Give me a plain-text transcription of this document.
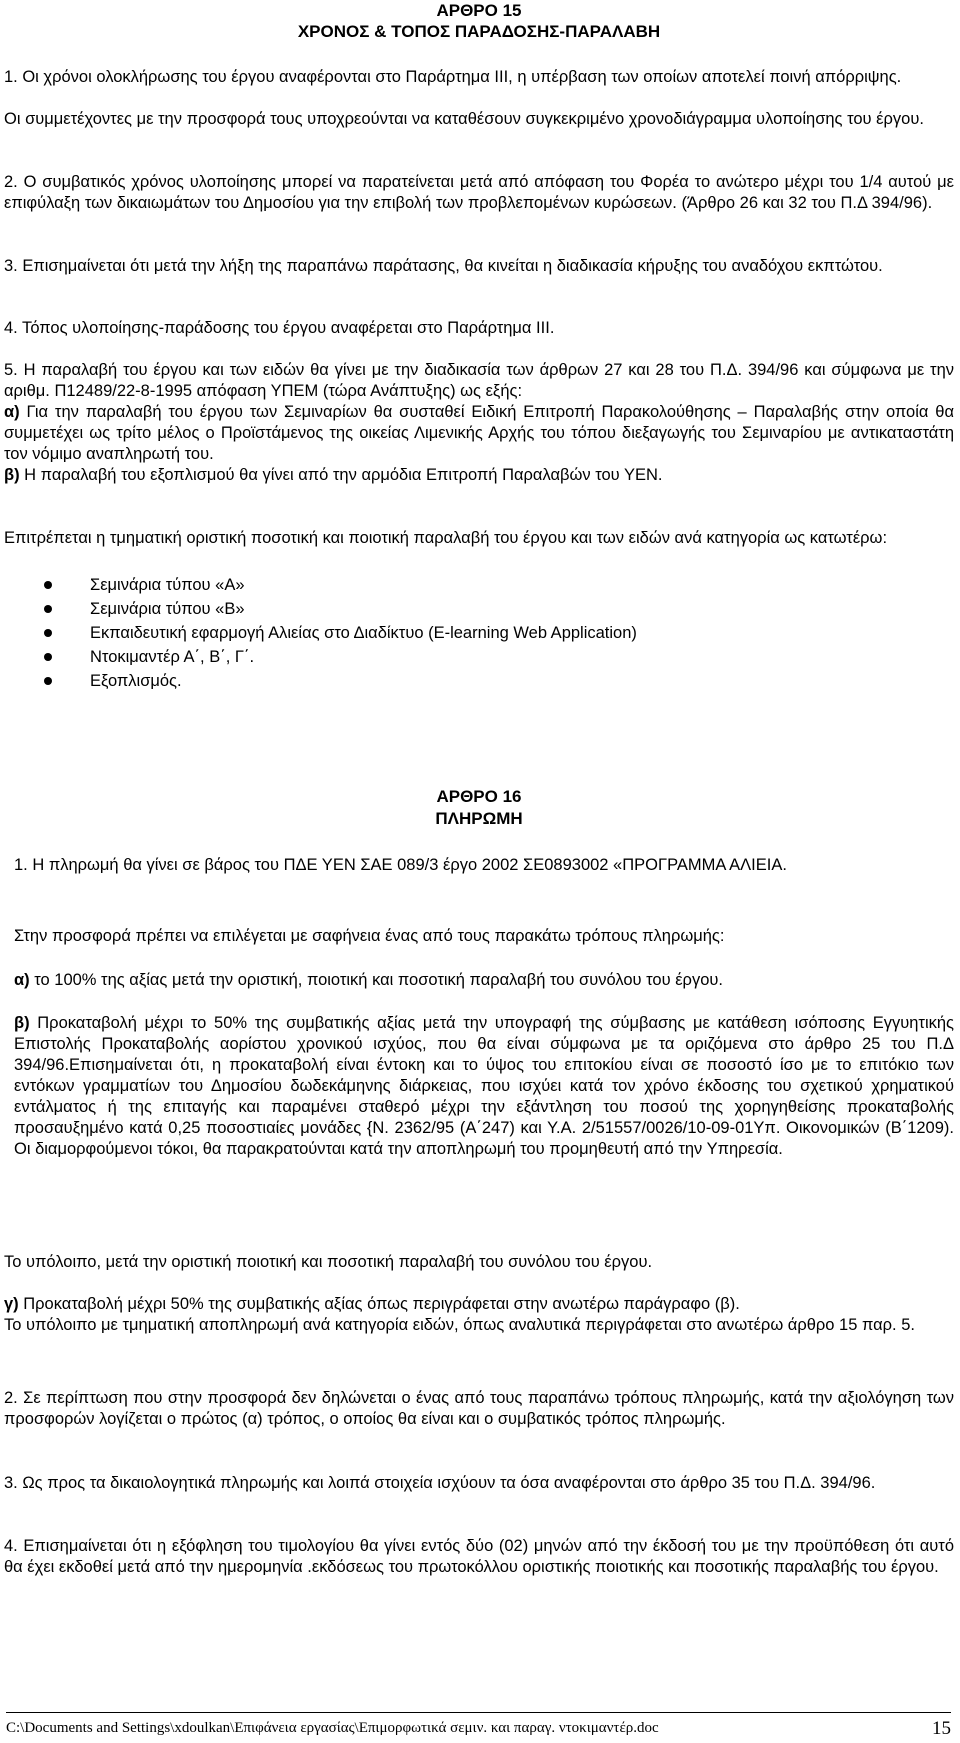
ΑΡΘΡΟ 15
ΧΡΟΝΟΣ & ΤΟΠΟΣ ΠΑΡΑΔΟΣΗΣ-ΠΑΡΑΛΑΒΗ

1. Οι χρόνοι ολοκλήρωσης του έργου αναφέρονται στο Παράρτημα ΙΙΙ, η υπέρβαση των οποίων αποτελεί ποινή απόρριψης.

Οι συμμετέχοντες με την προσφορά τους υποχρεούνται να καταθέσουν συγκεκριμένο χρονοδιάγραμμα υλοποίησης του έργου.

2. Ο συμβατικός χρόνος υλοποίησης μπορεί να παρατείνεται μετά από απόφαση του Φορέα το ανώτερο μέχρι του 1/4 αυτού με επιφύλαξη των δικαιωμάτων του Δημοσίου για την επιβολή των προβλεπομένων κυρώσεων. (Άρθρο 26 και 32 του Π.Δ 394/96).

3. Επισημαίνεται ότι μετά την λήξη της παραπάνω παράτασης, θα κινείται η διαδικασία κήρυξης του αναδόχου εκπτώτου.

4. Τόπος υλοποίησης-παράδοσης του έργου αναφέρεται στο Παράρτημα ΙΙΙ.

5. Η παραλαβή του έργου και των ειδών θα γίνει με την διαδικασία των άρθρων 27 και 28 του Π.Δ. 394/96 και σύμφωνα με την αριθμ. Π12489/22-8-1995 απόφαση ΥΠΕΜ (τώρα Ανάπτυξης) ως εξής:

α) Για την παραλαβή του έργου των Σεμιναρίων θα συσταθεί Ειδική Επιτροπή Παρακολούθησης – Παραλαβής στην οποία θα συμμετέχει ως τρίτο μέλος ο Προϊστάμενος της οικείας Λιμενικής Αρχής του τόπου διεξαγωγής του Σεμιναρίου με αντικαταστάτη τον νόμιμο αναπληρωτή του.

β) Η παραλαβή του εξοπλισμού θα γίνει από την αρμόδια Επιτροπή Παραλαβών του ΥΕΝ.

Επιτρέπεται η τμηματική οριστική ποσοτική και ποιοτική παραλαβή του έργου και των ειδών ανά κατηγορία ως κατωτέρω:

Σεμινάρια τύπου «Α»
Σεμινάρια τύπου «Β»
Εκπαιδευτική εφαρμογή Αλιείας στο Διαδίκτυο (E-learning Web Application)
Ντοκιμαντέρ Α΄, Β΄, Γ΄.
Εξοπλισμός.
ΑΡΘΡΟ 16
ΠΛΗΡΩΜΗ

1. Η πληρωμή θα γίνει σε βάρος του ΠΔΕ ΥΕΝ ΣΑΕ 089/3 έργο 2002 ΣΕ0893002 «ΠΡΟΓΡΑΜΜΑ ΑΛΙΕΙΑ.

Στην προσφορά πρέπει να επιλέγεται με σαφήνεια ένας από τους παρακάτω τρόπους πληρωμής:

α) το 100% της αξίας μετά την οριστική, ποιοτική και ποσοτική παραλαβή του συνόλου του έργου.

β) Προκαταβολή μέχρι το 50% της συμβατικής αξίας μετά την υπογραφή της σύμβασης με κατάθεση ισόποσης Εγγυητικής Επιστολής Προκαταβολής αορίστου χρονικού ισχύος, που θα είναι σύμφωνα με τα οριζόμενα στο άρθρο 25 του Π.Δ 394/96.Επισημαίνεται ότι, η προκαταβολή είναι έντοκη και το ύψος του επιτοκίου είναι σε ποσοστό ίσο με το επιτόκιο των εντόκων γραμματίων του Δημοσίου δωδεκάμηνης διάρκειας, που ισχύει κατά τον χρόνο έκδοσης του σχετικού χρηματικού εντάλματος ή της επιταγής και παραμένει σταθερό μέχρι την εξάντληση του ποσού της χορηγηθείσης προκαταβολής προσαυξημένο κατά 0,25 ποσοστιαίες μονάδες {Ν. 2362/95 (Α΄247) και Υ.Α. 2/51557/0026/10-09-01Υπ. Οικονομικών (Β΄1209). Οι διαμορφούμενοι τόκοι, θα παρακρατούνται κατά την αποπληρωμή του προμηθευτή από την Υπηρεσία.

Το υπόλοιπο, μετά την οριστική ποιοτική και ποσοτική παραλαβή του συνόλου του έργου.

γ) Προκαταβολή μέχρι 50% της συμβατικής αξίας όπως περιγράφεται στην ανωτέρω παράγραφο (β).

Το υπόλοιπο με τμηματική αποπληρωμή ανά κατηγορία ειδών, όπως αναλυτικά περιγράφεται στο ανωτέρω άρθρο 15 παρ. 5.

2. Σε περίπτωση που στην προσφορά δεν δηλώνεται ο ένας από τους παραπάνω τρόπους πληρωμής, κατά την αξιολόγηση των προσφορών λογίζεται ο πρώτος (α) τρόπος, ο οποίος θα είναι και ο συμβατικός τρόπος πληρωμής.

3. Ως προς τα δικαιολογητικά πληρωμής και λοιπά στοιχεία ισχύουν τα όσα αναφέρονται στο άρθρο 35 του Π.Δ. 394/96.

4. Επισημαίνεται ότι η εξόφληση του τιμολογίου θα γίνει εντός δύο (02) μηνών από την έκδοσή του με την προϋπόθεση ότι αυτό θα έχει εκδοθεί μετά από την ημερομηνία .εκδόσεως του πρωτοκόλλου οριστικής ποιοτικής και ποσοτικής παραλαβής του έργου.

C:\Documents and Settings\xdoulkan\Επιφάνεια εργασίας\Επιμορφωτικά σεμιν. και παραγ. ντοκιμαντέρ.doc	15
